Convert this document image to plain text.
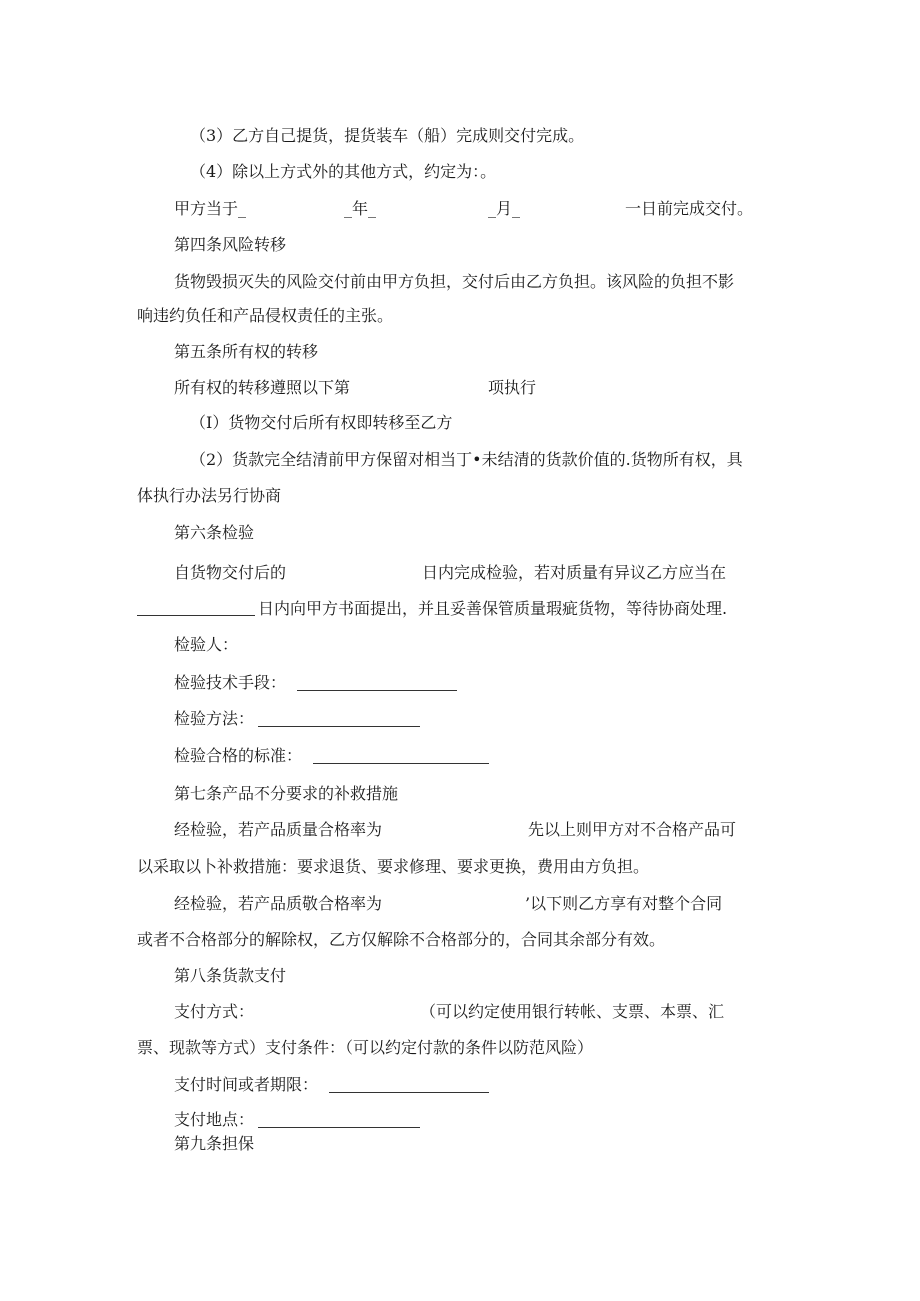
（3）乙方自己提货，提货装车（船）完成则交付完成。
（4）除以上方式外的其他方式，约定为：。
甲方当于_	_年_	_月_	一日前完成交付。
第四条风险转移
货物毁损灭失的风险交付前由甲方负担，交付后由乙方负担。该风险的负担不影
响违约负任和产品侵权责任的主张。
第五条所有权的转移
所有权的转移遵照以下第	项执行
（I）货物交付后所有权即转移至乙方
（2）货款完全结清前甲方保留对相当丁•未结清的货款价值的.货物所有权，具
体执行办法另行协商
第六条检验
自货物交付后的	日内完成检验，若对质量有异议乙方应当在
日内向甲方书面提出，并且妥善保管质量瑕疵货物，等待协商处理.
检验人：
检验技术手段：
检验方法：
检验合格的标准：
第七条产品不分要求的补救措施
经检验，若产品质量合格率为	先以上则甲方对不合格产品可
以采取以卜补救措施：要求退货、要求修理、要求更换，费用由方负担。
经检验，若产品质敬合格率为	’以下则乙方享有对整个合同
或者不合格部分的解除权，乙方仅解除不合格部分的，合同其余部分有效。
第八条货款支付
支付方式：	（可以约定使用银行转帐、支票、本票、汇
票、现款等方式）支付条件：（可以约定付款的条件以防范风险）
支付时间或者期限：
支付地点：
第九条担保
